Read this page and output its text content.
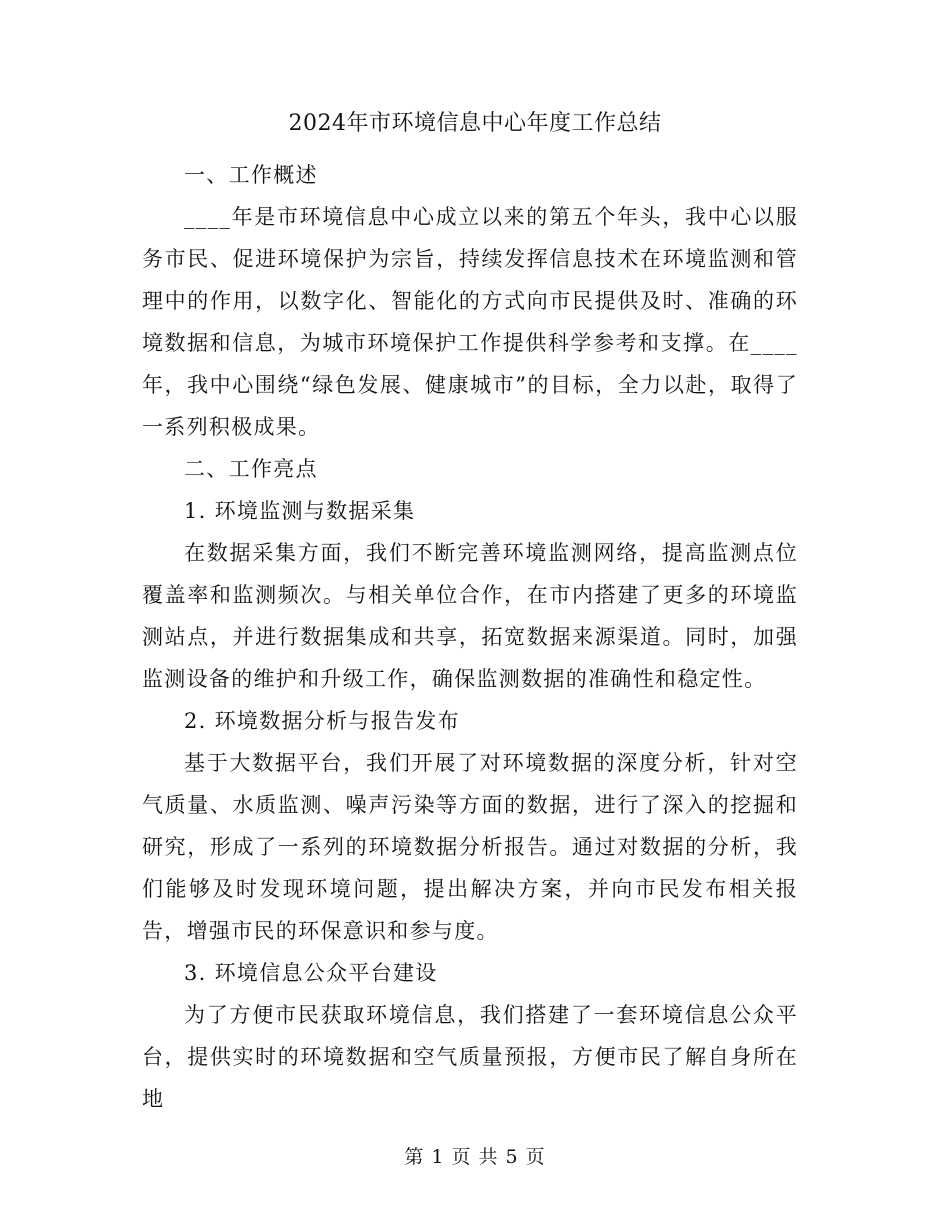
2024年市环境信息中心年度工作总结
一、工作概述

____年是市环境信息中心成立以来的第五个年头，我中心以服务市民、促进环境保护为宗旨，持续发挥信息技术在环境监测和管理中的作用，以数字化、智能化的方式向市民提供及时、准确的环境数据和信息，为城市环境保护工作提供科学参考和支撑。在____年，我中心围绕“绿色发展、健康城市”的目标，全力以赴，取得了一系列积极成果。

二、工作亮点
1. 环境监测与数据采集

在数据采集方面，我们不断完善环境监测网络，提高监测点位覆盖率和监测频次。与相关单位合作，在市内搭建了更多的环境监测站点，并进行数据集成和共享，拓宽数据来源渠道。同时，加强监测设备的维护和升级工作，确保监测数据的准确性和稳定性。

2. 环境数据分析与报告发布

基于大数据平台，我们开展了对环境数据的深度分析，针对空气质量、水质监测、噪声污染等方面的数据，进行了深入的挖掘和研究，形成了一系列的环境数据分析报告。通过对数据的分析，我们能够及时发现环境问题，提出解决方案，并向市民发布相关报告，增强市民的环保意识和参与度。

3. 环境信息公众平台建设

为了方便市民获取环境信息，我们搭建了一套环境信息公众平台，提供实时的环境数据和空气质量预报，方便市民了解自身所在地

第 1 页 共 5 页
